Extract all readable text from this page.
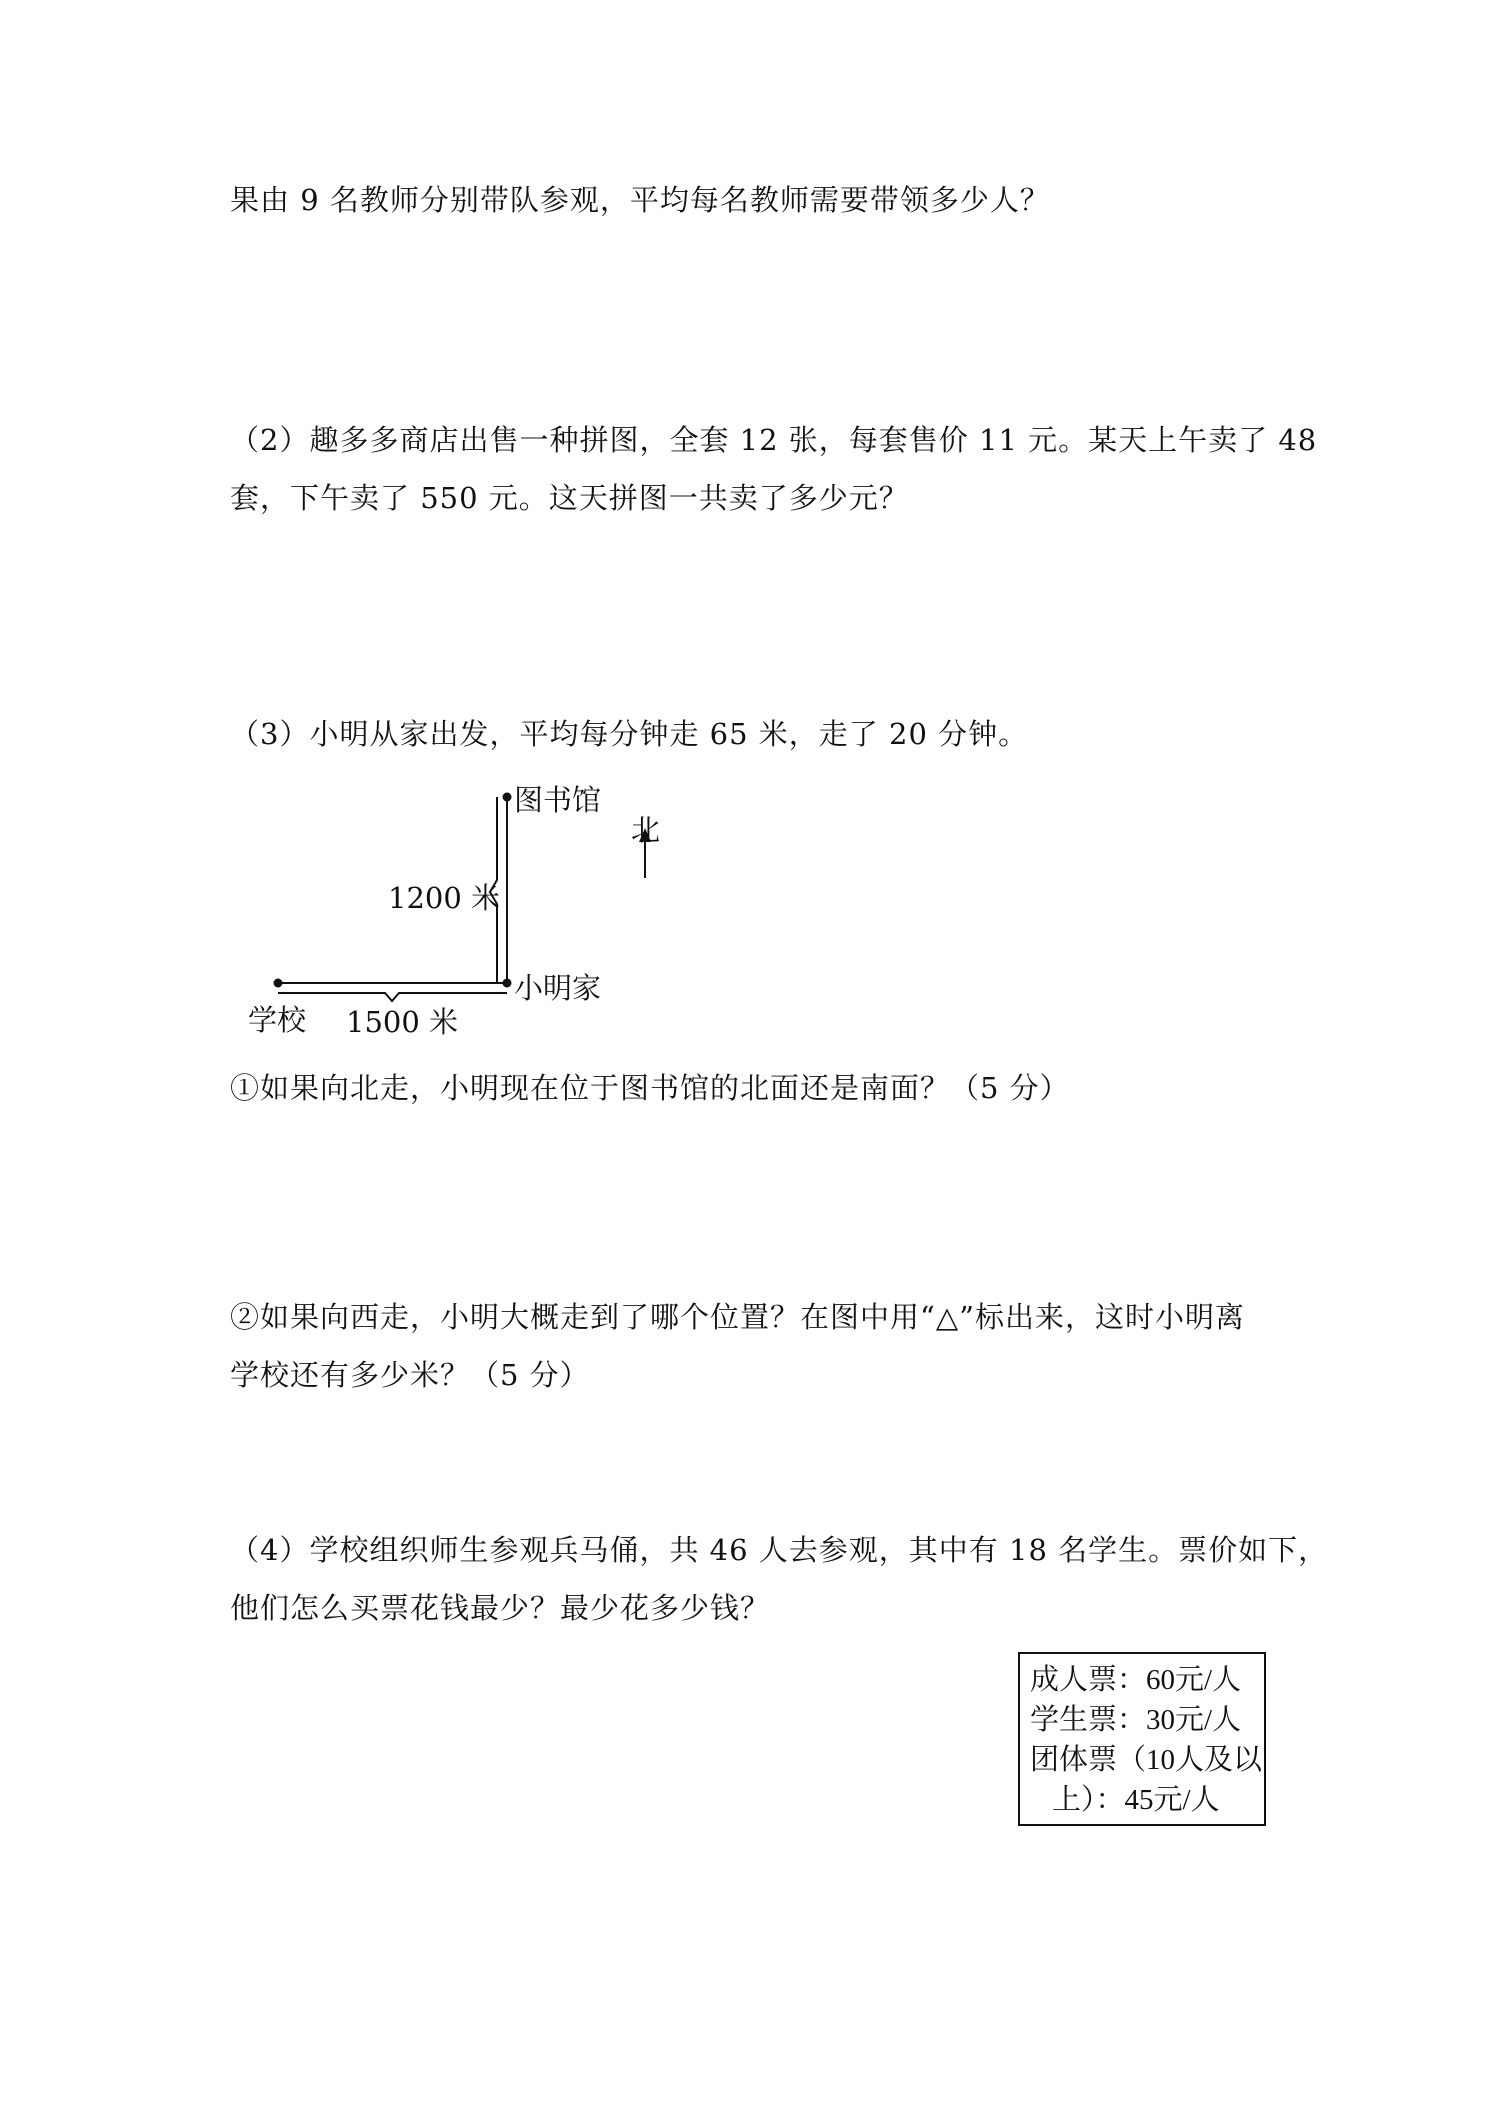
果由 9 名教师分别带队参观，平均每名教师需要带领多少人？
（2）趣多多商店出售一种拼图，全套 12 张，每套售价 11 元。某天上午卖了 48
套，下午卖了 550 元。这天拼图一共卖了多少元？
（3）小明从家出发，平均每分钟走 65 米，走了 20 分钟。
图书馆
北
1200 米
小明家
学校 1500 米
①如果向北走，小明现在位于图书馆的北面还是南面？（5 分）
②如果向西走，小明大概走到了哪个位置？在图中用“△”标出来，这时小明离
学校还有多少米？（5 分）
（4）学校组织师生参观兵马俑，共 46 人去参观，其中有 18 名学生。票价如下，
他们怎么买票花钱最少？最少花多少钱？
成人票：60元/人
学生票：30元/人
团体票（10人及以
上）：45元/人
